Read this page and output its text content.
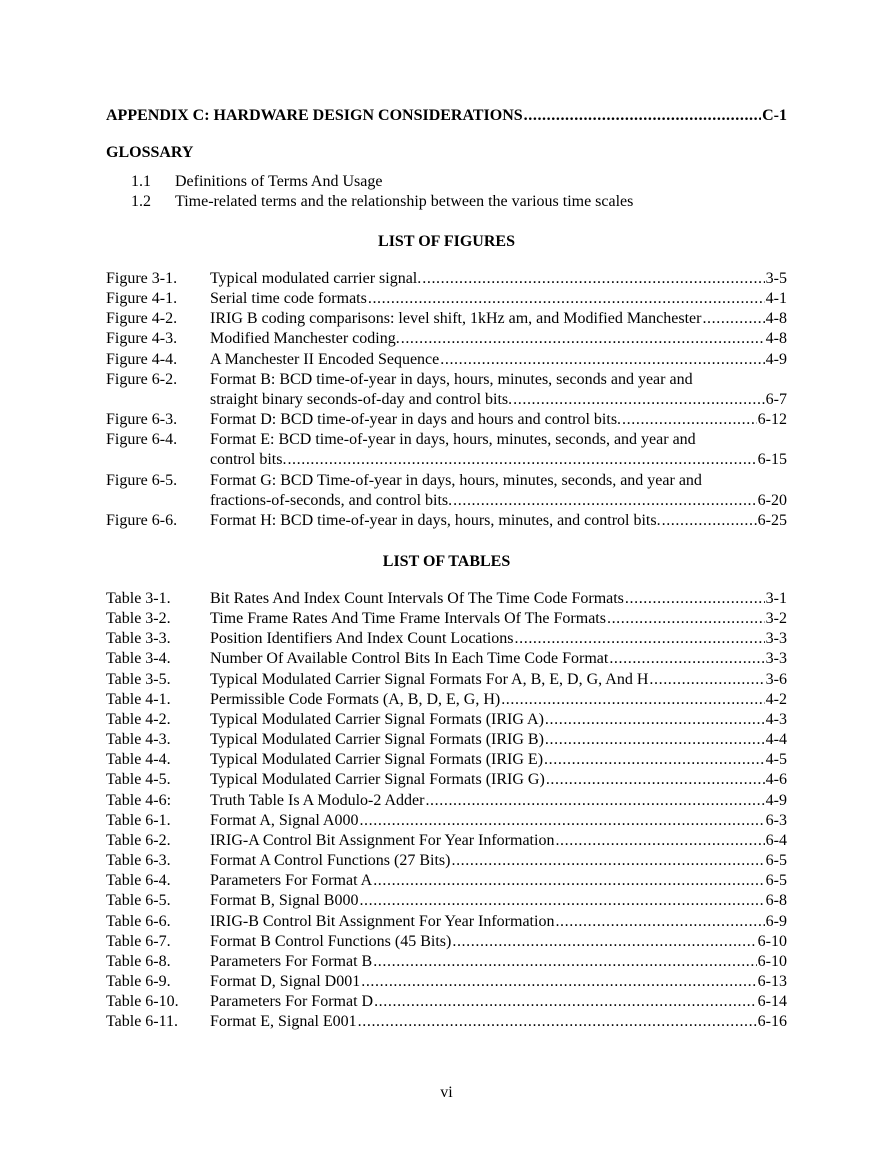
APPENDIX C: HARDWARE DESIGN CONSIDERATIONS .....	C-1
GLOSSARY
1.1 Definitions of Terms And Usage
1.2 Time-related terms and the relationship between the various time scales
LIST OF FIGURES
Figure 3-1. Typical modulated carrier signal. .....	3-5
Figure 4-1. Serial time code formats .....	4-1
Figure 4-2. IRIG B coding comparisons: level shift, 1kHz am, and Modified Manchester .....	4-8
Figure 4-3. Modified Manchester coding. .....	4-8
Figure 4-4. A Manchester II Encoded Sequence .....	4-9
Figure 6-2. Format B: BCD time-of-year in days, hours, minutes, seconds and year and
straight binary seconds-of-day and control bits. .....	6-7
Figure 6-3. Format D: BCD time-of-year in days and hours and control bits. .....	6-12
Figure 6-4. Format E: BCD time-of-year in days, hours, minutes, seconds, and year and
control bits. .....	6-15
Figure 6-5. Format G: BCD Time-of-year in days, hours, minutes, seconds, and year and
fractions-of-seconds, and control bits. .....	6-20
Figure 6-6. Format H: BCD time-of-year in days, hours, minutes, and control bits. .....	6-25
LIST OF TABLES
Table 3-1. Bit Rates And Index Count Intervals Of The Time Code Formats .....	3-1
Table 3-2. Time Frame Rates And Time Frame Intervals Of The Formats .....	3-2
Table 3-3. Position Identifiers And Index Count Locations .....	3-3
Table 3-4. Number Of Available Control Bits In Each Time Code Format .....	3-3
Table 3-5. Typical Modulated Carrier Signal Formats For A, B, E, D, G, And H .....	3-6
Table 4-1. Permissible Code Formats (A, B, D, E, G, H) .....	4-2
Table 4-2. Typical Modulated Carrier Signal Formats (IRIG A) .....	4-3
Table 4-3. Typical Modulated Carrier Signal Formats (IRIG B) .....	4-4
Table 4-4. Typical Modulated Carrier Signal Formats (IRIG E) .....	4-5
Table 4-5. Typical Modulated Carrier Signal Formats (IRIG G) .....	4-6
Table 4-6: Truth Table Is A Modulo-2 Adder .....	4-9
Table 6-1. Format A, Signal A000 .....	6-3
Table 6-2. IRIG-A Control Bit Assignment For Year Information .....	6-4
Table 6-3. Format A Control Functions (27 Bits) .....	6-5
Table 6-4. Parameters For Format A .....	6-5
Table 6-5. Format B, Signal B000 .....	6-8
Table 6-6. IRIG-B Control Bit Assignment For Year Information .....	6-9
Table 6-7. Format B Control Functions (45 Bits) .....	6-10
Table 6-8. Parameters For Format B .....	6-10
Table 6-9. Format D, Signal D001 .....	6-13
Table 6-10. Parameters For Format D .....	6-14
Table 6-11. Format E, Signal E001 .....	6-16
vi
